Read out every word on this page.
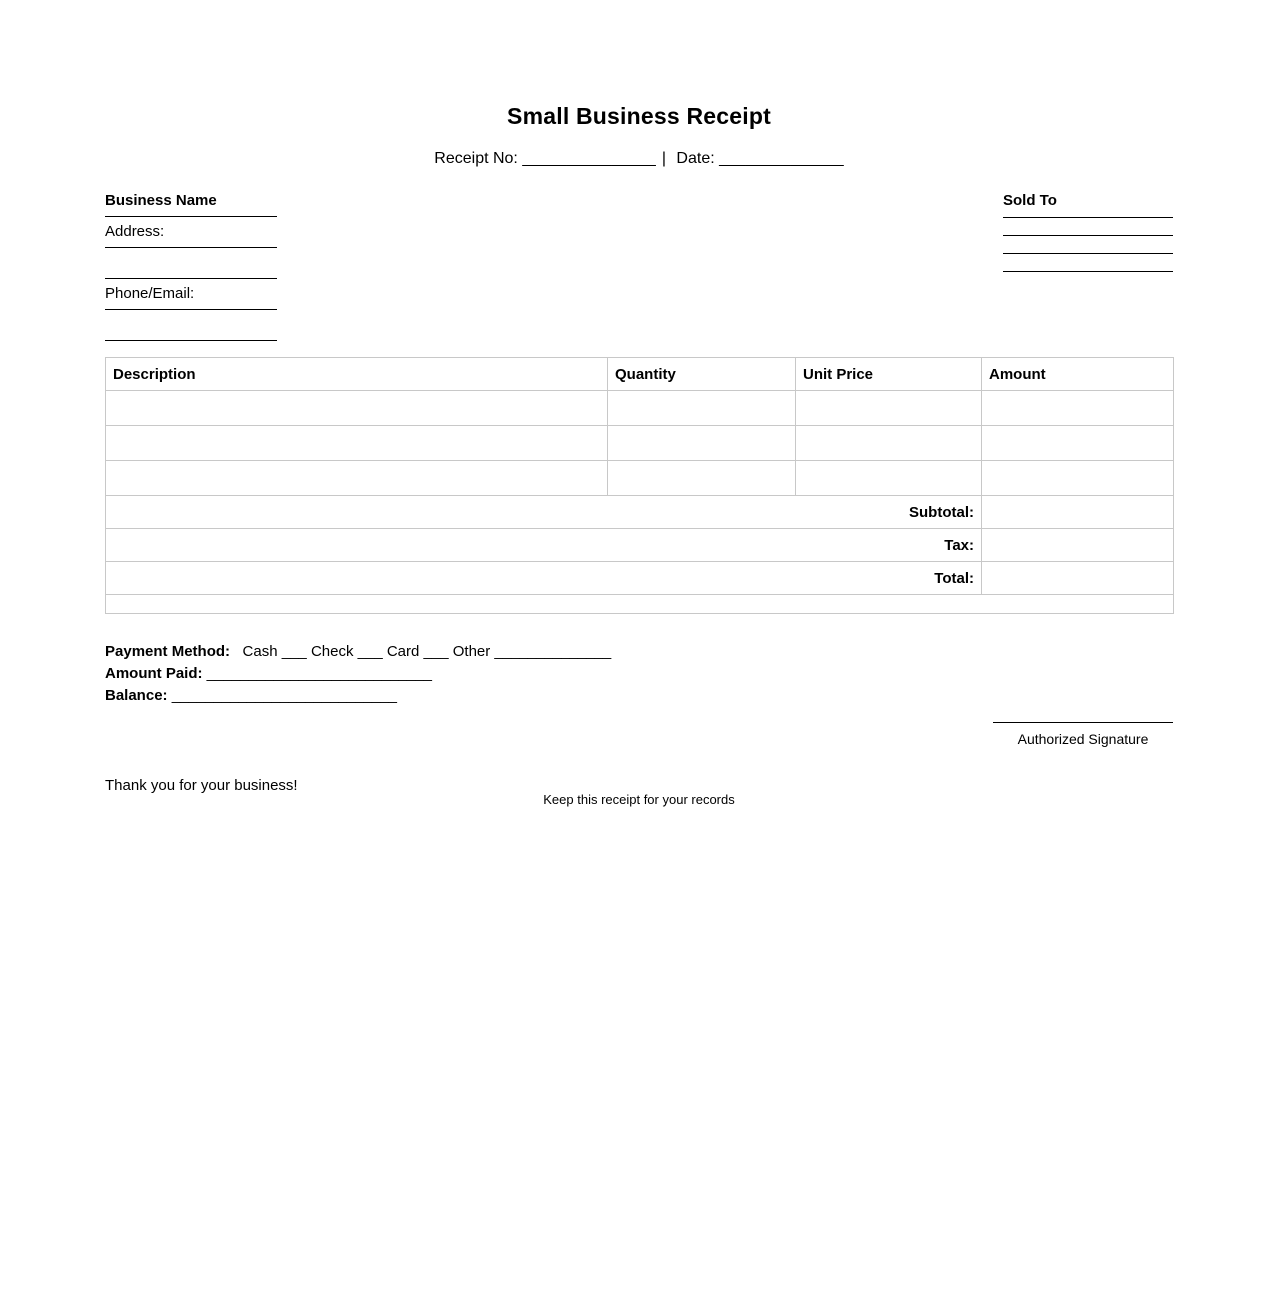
Small Business Receipt
Receipt No: _______________ | Date: ______________
Business Name
Address:
Phone/Email:
Sold To
Description	Quantity	Unit Price	Amount

Subtotal:			
Tax:			
Total:			

Payment Method: Cash ___ Check ___ Card ___ Other ______________
Amount Paid: ___________________________
Balance: ___________________________
Authorized Signature
Thank you for your business!
Keep this receipt for your records
